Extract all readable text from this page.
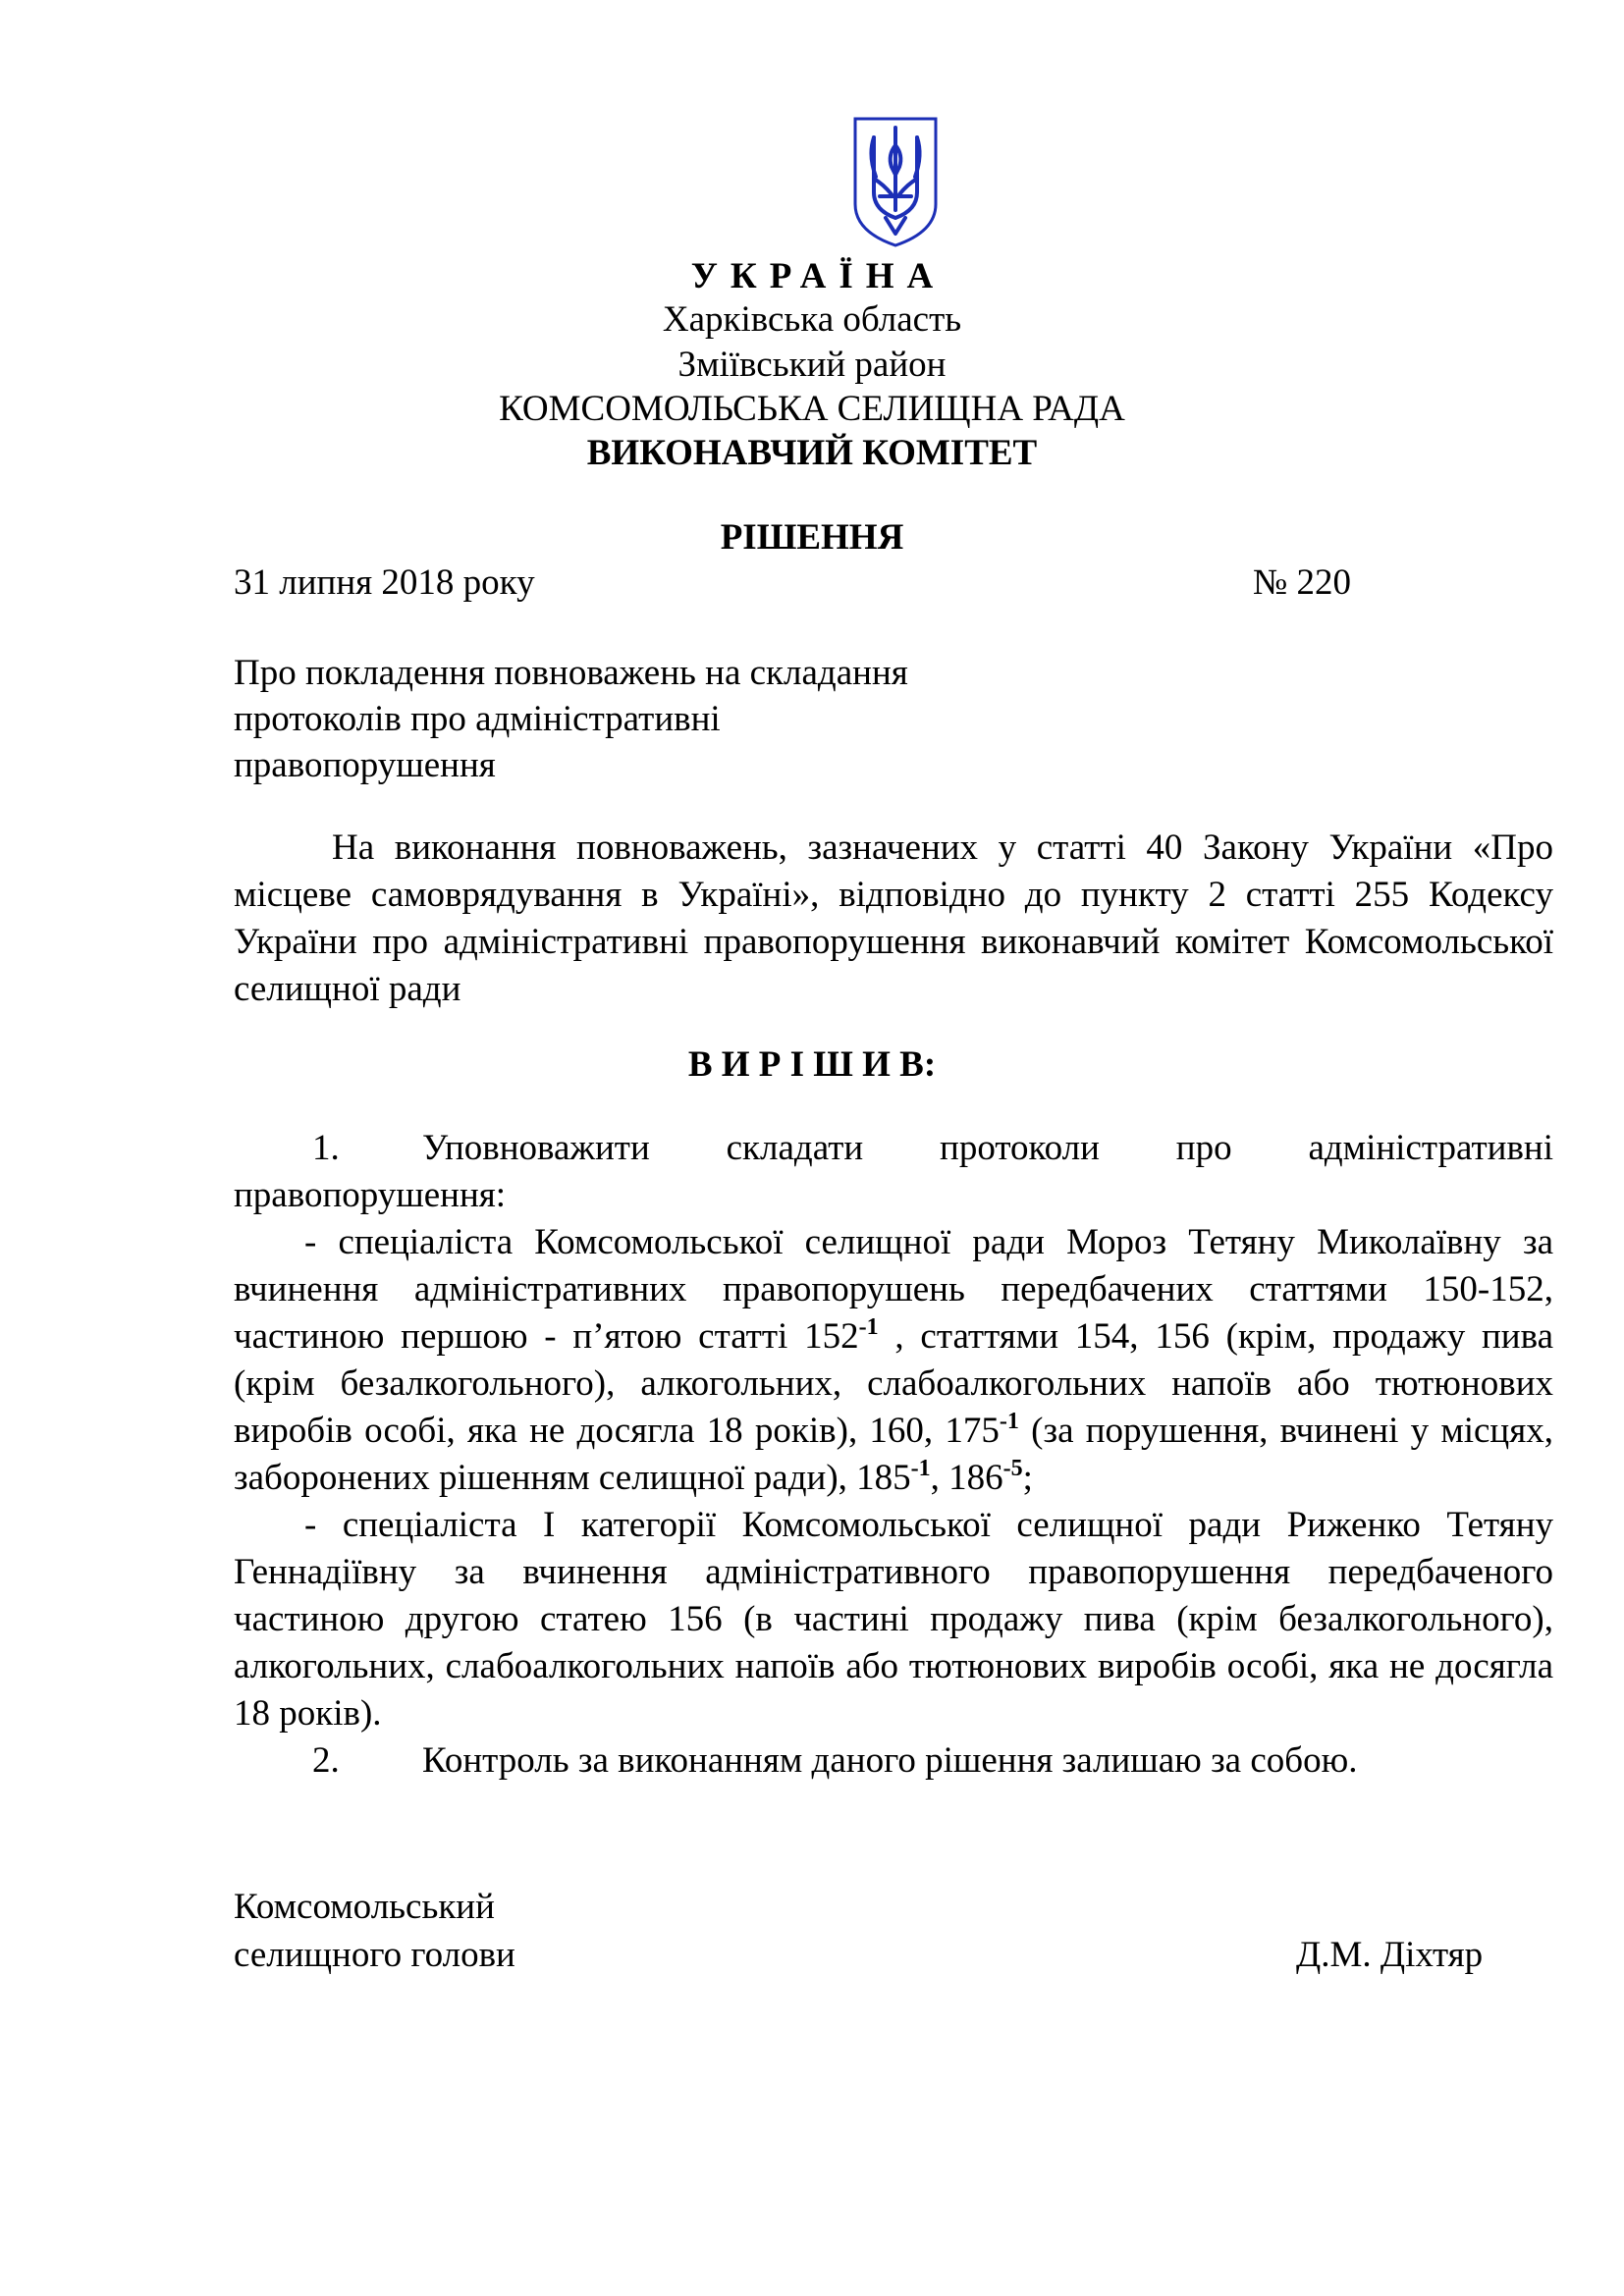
УКРАЇНА
Харківська область
Зміївський район
КОМСОМОЛЬСЬКА СЕЛИЩНА РАДА
ВИКОНАВЧИЙ КОМІТЕТ
РІШЕННЯ
31 липня 2018 року	№ 220
Про покладення повноважень на складання
протоколів про адміністративні
правопорушення
На виконання повноважень, зазначених у статті 40 Закону України «Про місцеве самоврядування в Україні», відповідно до пункту 2 статті 255 Кодексу України про адміністративні правопорушення виконавчий комітет Комсомольської селищної ради
В И Р І Ш И В:

1. Уповноважити складати протоколи про адміністративні правопорушення:

- спеціаліста Комсомольської селищної ради Мороз Тетяну Миколаївну за вчинення адміністративних правопорушень передбачених статтями 150-152, частиною першою - п’ятою статті $152^{-1}$ , статтями 154, 156 (крім, продажу пива (крім безалкогольного), алкогольних, слабоалкогольних напоїв або тютюнових виробів особі, яка не досягла 18 років), 160, $175^{-1}$ (за порушення, вчинені у місцях, заборонених рішенням селищної ради), $185^{-1}$, $186^{-5}$;

- спеціаліста І категорії Комсомольської селищної ради Риженко Тетяну Геннадіївну за вчинення адміністративного правопорушення передбаченого частиною другою статею 156 (в частині продажу пива (крім безалкогольного), алкогольних, слабоалкогольних напоїв або тютюнових виробів особі, яка не досягла 18 років).

2. Контроль за виконанням даного рішення залишаю за собою.

Комсомольський
селищного голови	Д.М. Діхтяр
